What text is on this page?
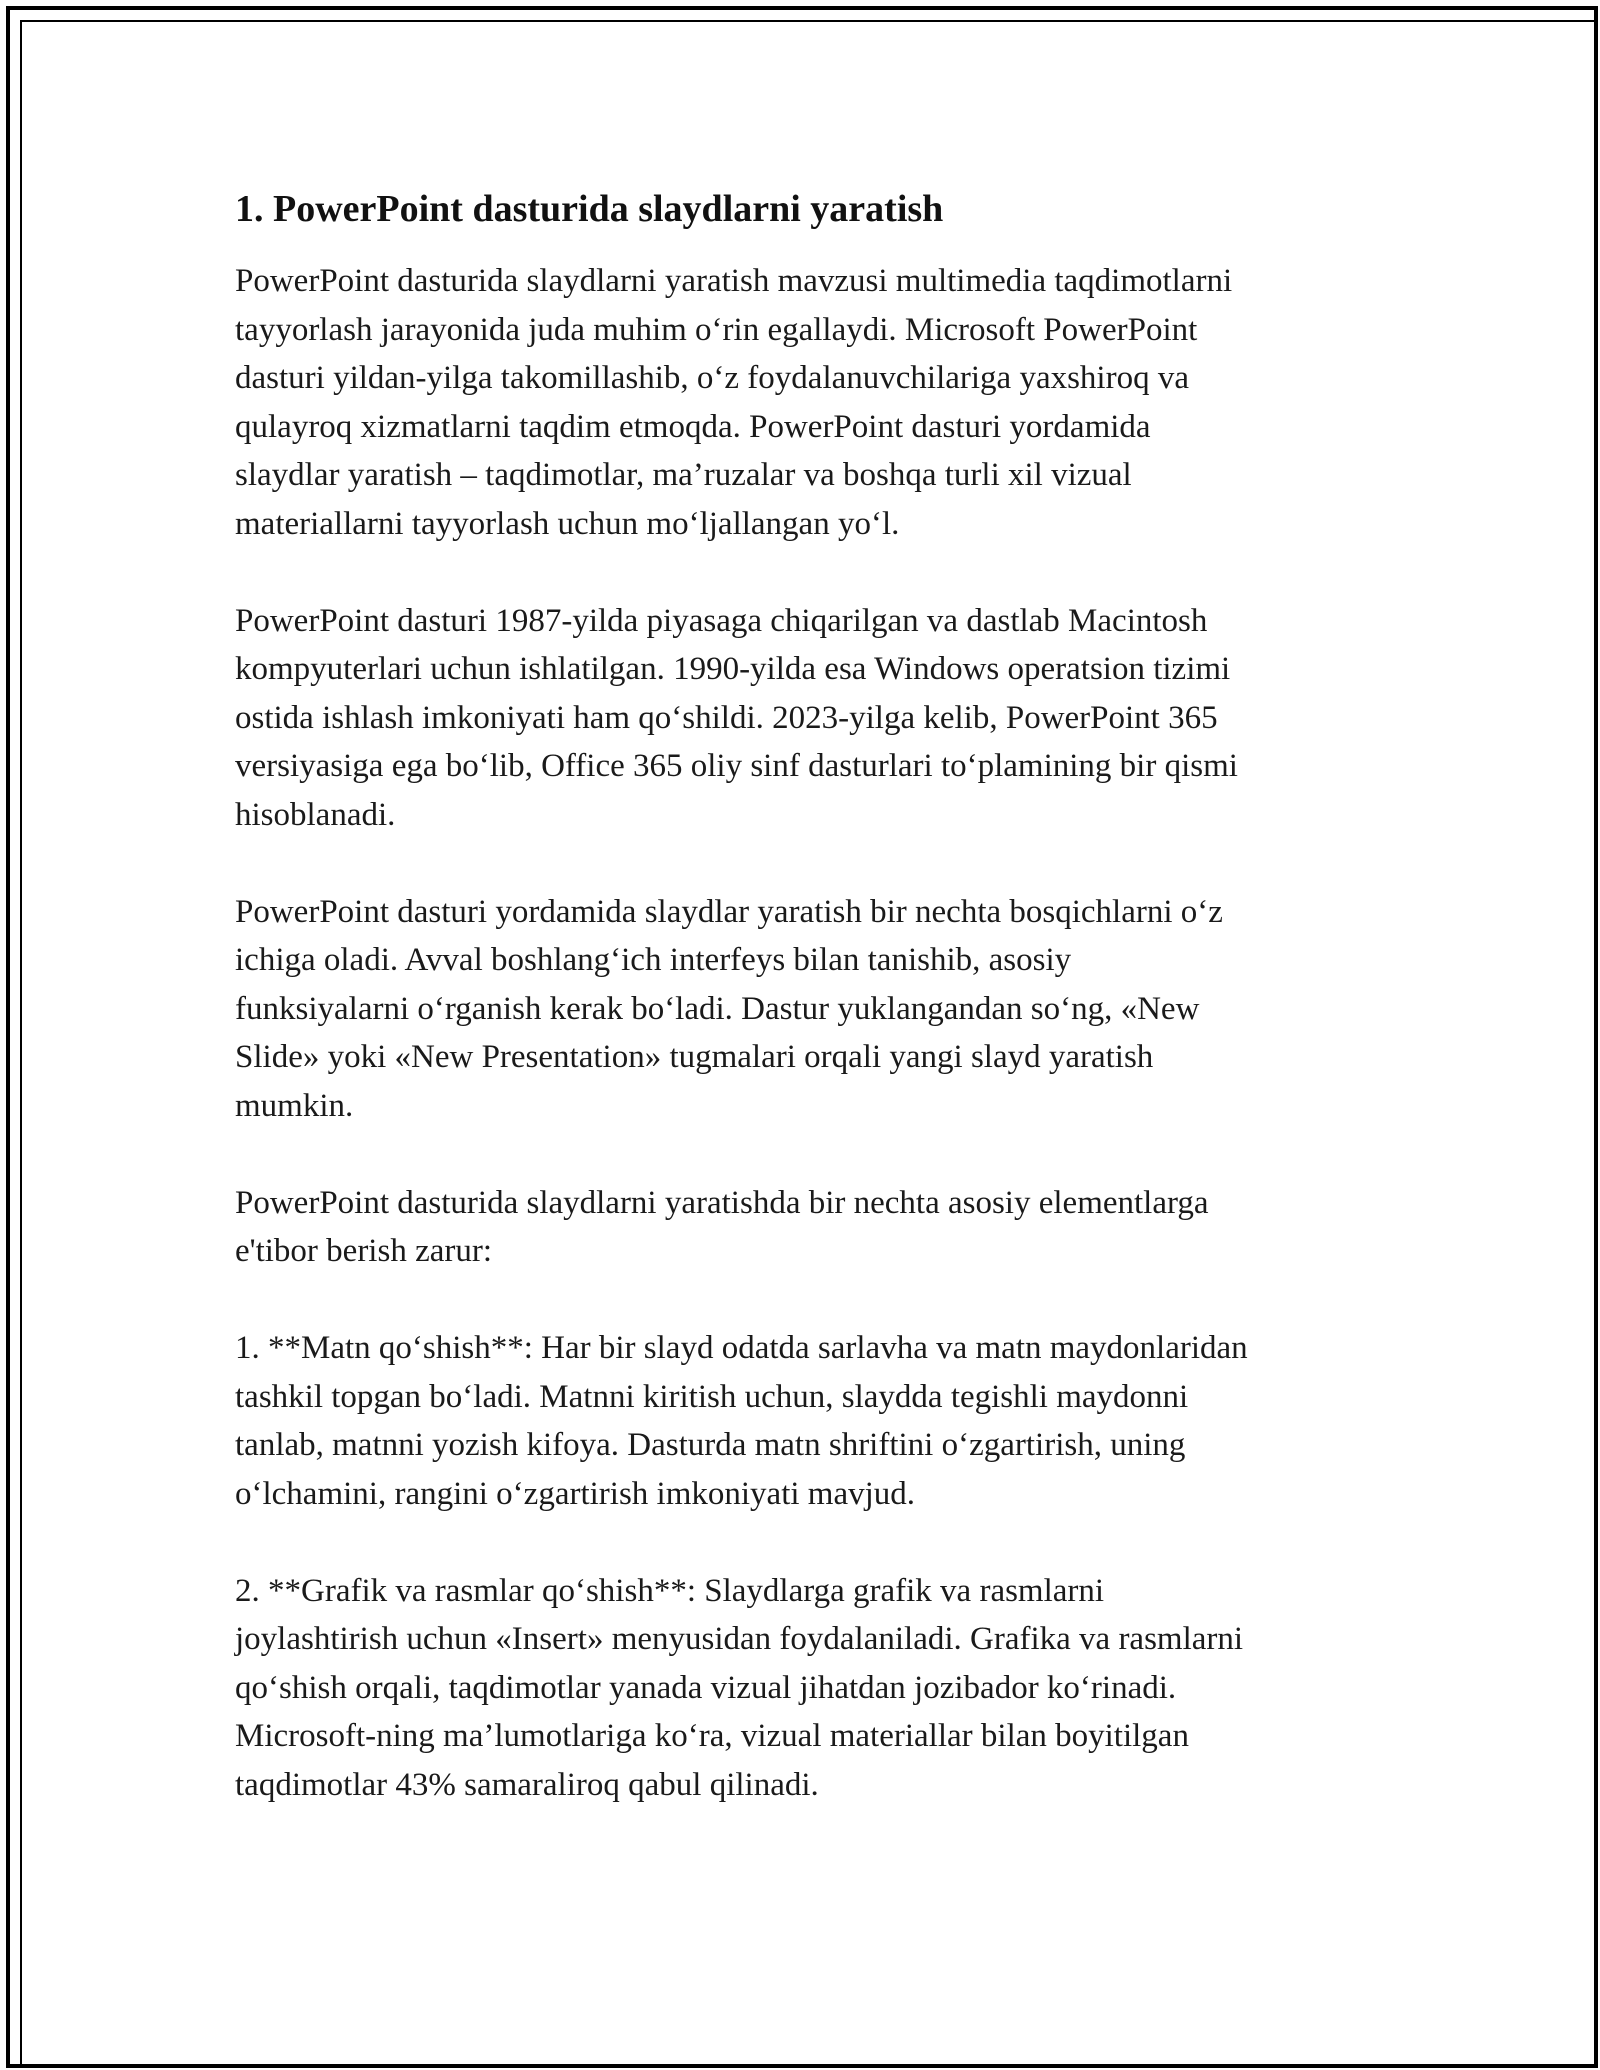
1. PowerPoint dasturida slaydlarni yaratish

PowerPoint dasturida slaydlarni yaratish mavzusi multimedia taqdimotlarni
tayyorlash jarayonida juda muhim o‘rin egallaydi. Microsoft PowerPoint
dasturi yildan-yilga takomillashib, o‘z foydalanuvchilariga yaxshiroq va
qulayroq xizmatlarni taqdim etmoqda. PowerPoint dasturi yordamida
slaydlar yaratish – taqdimotlar, ma’ruzalar va boshqa turli xil vizual
materiallarni tayyorlash uchun mo‘ljallangan yo‘l.

PowerPoint dasturi 1987-yilda piyasaga chiqarilgan va dastlab Macintosh
kompyuterlari uchun ishlatilgan. 1990-yilda esa Windows operatsion tizimi
ostida ishlash imkoniyati ham qo‘shildi. 2023-yilga kelib, PowerPoint 365
versiyasiga ega bo‘lib, Office 365 oliy sinf dasturlari to‘plamining bir qismi
hisoblanadi.

PowerPoint dasturi yordamida slaydlar yaratish bir nechta bosqichlarni o‘z
ichiga oladi. Avval boshlang‘ich interfeys bilan tanishib, asosiy
funksiyalarni o‘rganish kerak bo‘ladi. Dastur yuklangandan so‘ng, «New
Slide» yoki «New Presentation» tugmalari orqali yangi slayd yaratish
mumkin.

PowerPoint dasturida slaydlarni yaratishda bir nechta asosiy elementlarga
e'tibor berish zarur:

1. **Matn qo‘shish**: Har bir slayd odatda sarlavha va matn maydonlaridan
tashkil topgan bo‘ladi. Matnni kiritish uchun, slaydda tegishli maydonni
tanlab, matnni yozish kifoya. Dasturda matn shriftini o‘zgartirish, uning
o‘lchamini, rangini o‘zgartirish imkoniyati mavjud.

2. **Grafik va rasmlar qo‘shish**: Slaydlarga grafik va rasmlarni
joylashtirish uchun «Insert» menyusidan foydalaniladi. Grafika va rasmlarni
qo‘shish orqali, taqdimotlar yanada vizual jihatdan jozibador ko‘rinadi.
Microsoft-ning ma’lumotlariga ko‘ra, vizual materiallar bilan boyitilgan
taqdimotlar 43% samaraliroq qabul qilinadi.
